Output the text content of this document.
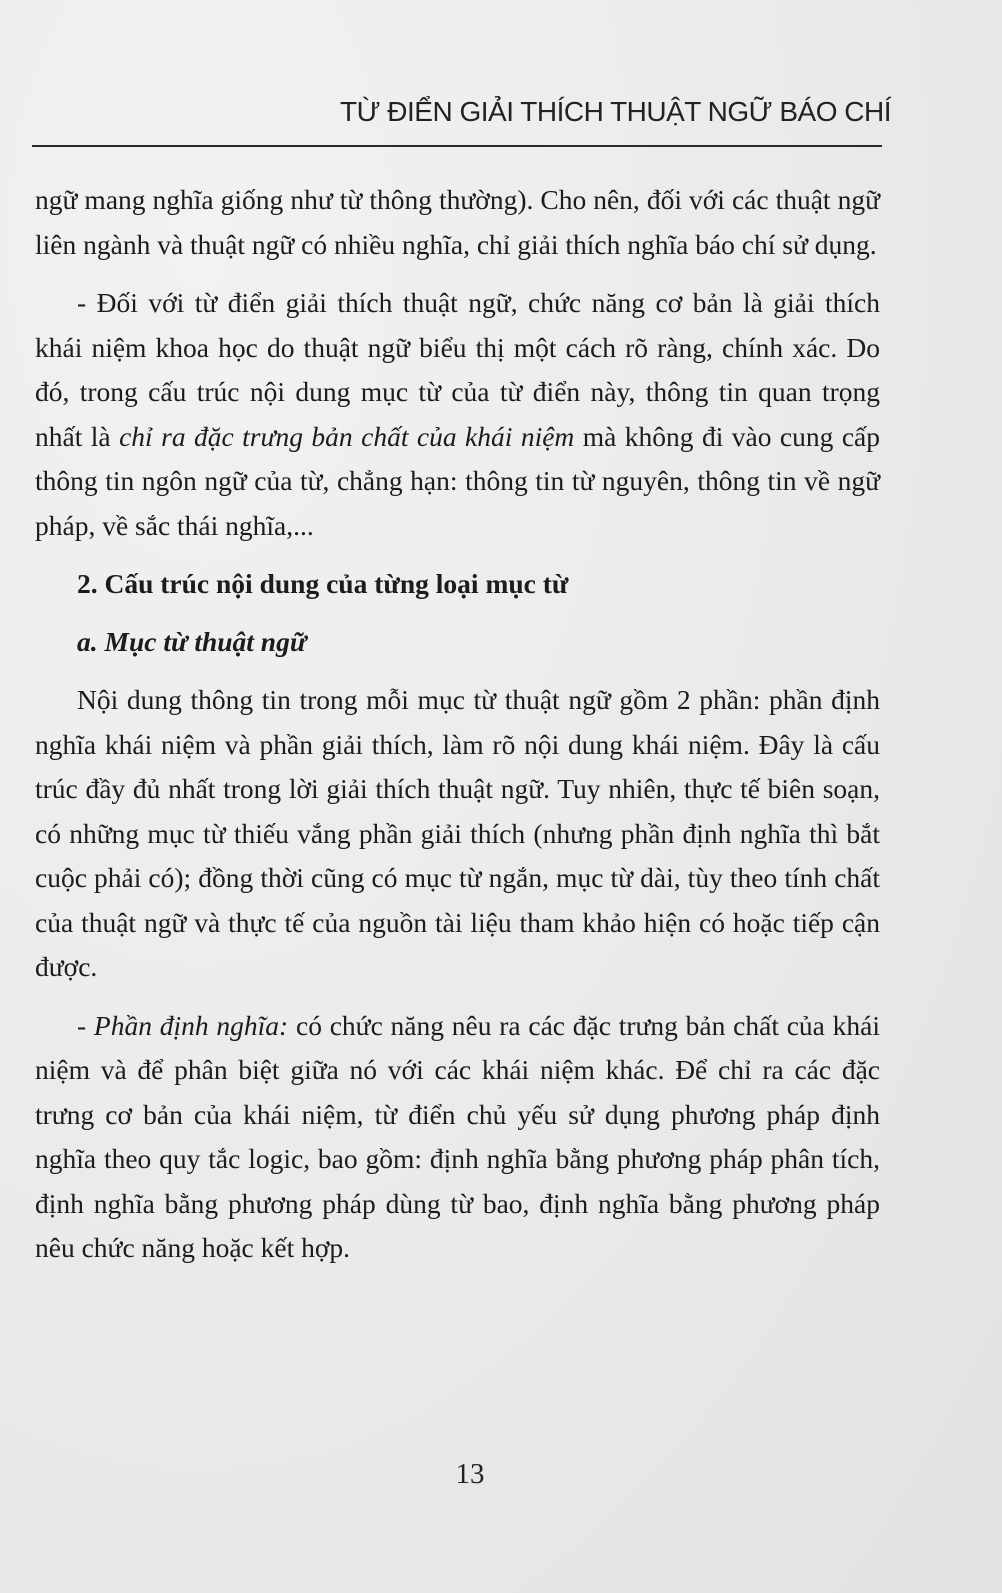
TỪ ĐIỂN GIẢI THÍCH THUẬT NGỮ BÁO CHÍ

ngữ mang nghĩa giống như từ thông thường). Cho nên, đối với các thuật ngữ liên ngành và thuật ngữ có nhiều nghĩa, chỉ giải thích nghĩa báo chí sử dụng.

- Đối với từ điển giải thích thuật ngữ, chức năng cơ bản là giải thích khái niệm khoa học do thuật ngữ biểu thị một cách rõ ràng, chính xác. Do đó, trong cấu trúc nội dung mục từ của từ điển này, thông tin quan trọng nhất là chỉ ra đặc trưng bản chất của khái niệm mà không đi vào cung cấp thông tin ngôn ngữ của từ, chẳng hạn: thông tin từ nguyên, thông tin về ngữ pháp, về sắc thái nghĩa,...

2. Cấu trúc nội dung của từng loại mục từ

a. Mục từ thuật ngữ

Nội dung thông tin trong mỗi mục từ thuật ngữ gồm 2 phần: phần định nghĩa khái niệm và phần giải thích, làm rõ nội dung khái niệm. Đây là cấu trúc đầy đủ nhất trong lời giải thích thuật ngữ. Tuy nhiên, thực tế biên soạn, có những mục từ thiếu vắng phần giải thích (nhưng phần định nghĩa thì bắt cuộc phải có); đồng thời cũng có mục từ ngắn, mục từ dài, tùy theo tính chất của thuật ngữ và thực tế của nguồn tài liệu tham khảo hiện có hoặc tiếp cận được.

- Phần định nghĩa: có chức năng nêu ra các đặc trưng bản chất của khái niệm và để phân biệt giữa nó với các khái niệm khác. Để chỉ ra các đặc trưng cơ bản của khái niệm, từ điển chủ yếu sử dụng phương pháp định nghĩa theo quy tắc logic, bao gồm: định nghĩa bằng phương pháp phân tích, định nghĩa bằng phương pháp dùng từ bao, định nghĩa bằng phương pháp nêu chức năng hoặc kết hợp.

13
